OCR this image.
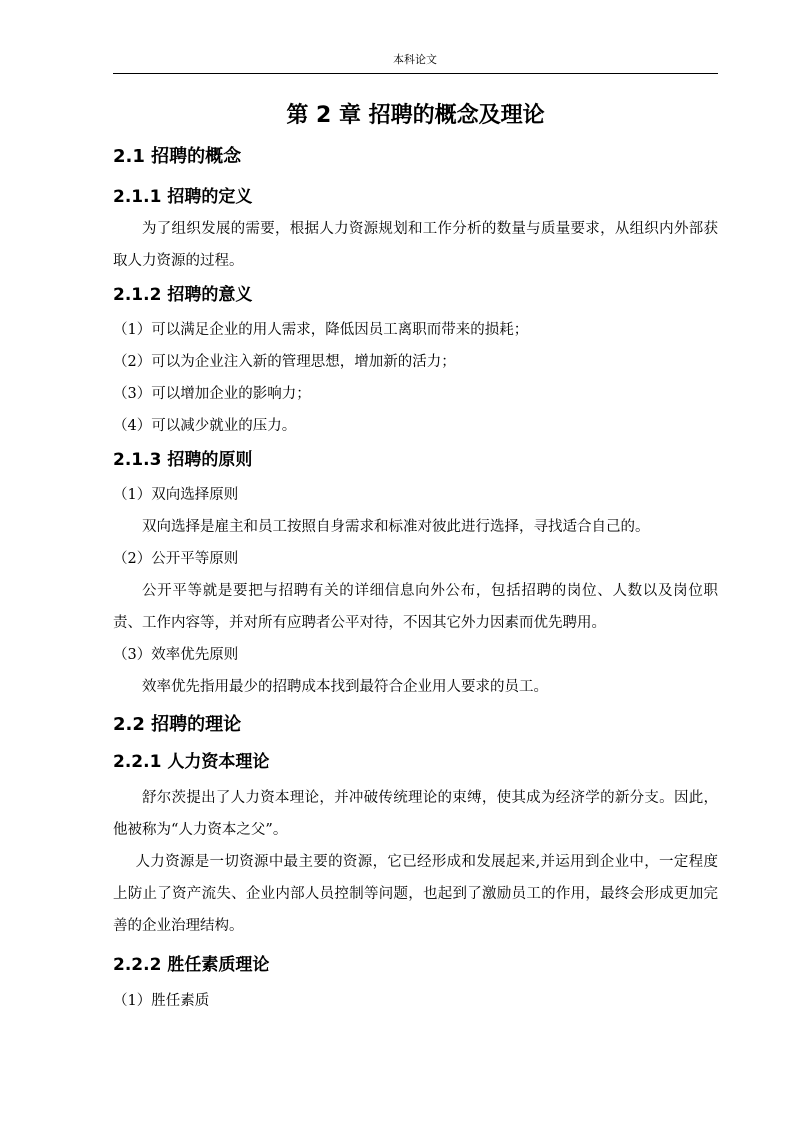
本科论文
第 2 章 招聘的概念及理论
2.1 招聘的概念
2.1.1 招聘的定义

为了组织发展的需要，根据人力资源规划和工作分析的数量与质量要求，从组织内外部获取人力资源的过程。

2.1.2 招聘的意义

（1）可以满足企业的用人需求，降低因员工离职而带来的损耗；

（2）可以为企业注入新的管理思想，增加新的活力；

（3）可以增加企业的影响力；

（4）可以减少就业的压力。

2.1.3 招聘的原则

（1）双向选择原则

双向选择是雇主和员工按照自身需求和标准对彼此进行选择，寻找适合自己的。

（2）公开平等原则

公开平等就是要把与招聘有关的详细信息向外公布，包括招聘的岗位、人数以及岗位职责、工作内容等，并对所有应聘者公平对待，不因其它外力因素而优先聘用。

（3）效率优先原则

效率优先指用最少的招聘成本找到最符合企业用人要求的员工。

2.2 招聘的理论
2.2.1 人力资本理论

舒尔茨提出了人力资本理论，并冲破传统理论的束缚，使其成为经济学的新分支。因此，他被称为“人力资本之父”。

人力资源是一切资源中最主要的资源，它已经形成和发展起来,并运用到企业中，一定程度上防止了资产流失、企业内部人员控制等问题，也起到了激励员工的作用，最终会形成更加完善的企业治理结构。

2.2.2 胜任素质理论

（1）胜任素质
